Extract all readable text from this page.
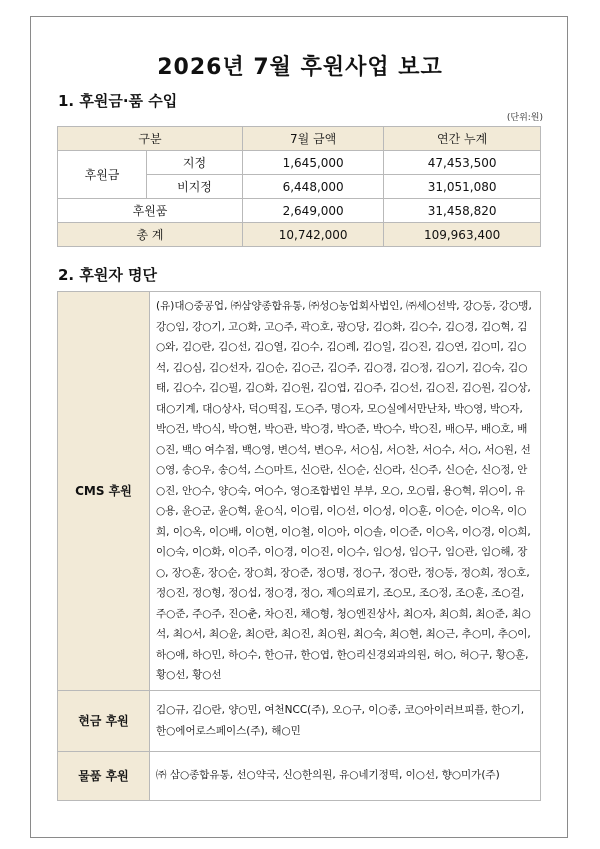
2026년 7월 후원사업 보고
1. 후원금·품 수입
(단위:원)
구분		7월 금액	연간 누계
후원금	지정	1,645,000	47,453,500
	비지정	6,448,000	31,051,080
후원품		2,649,000	31,458,820
총 계		10,742,000	109,963,400
2. 후원자 명단
CMS 후원	(유)대○중공업, ㈜삼양종합유통, ㈜성○농업회사법인, ㈜세○선박, 강○동, 강○맹, 강○임, 강○기, 고○화, 고○주, 곽○호, 광○당, 김○화, 김○수, 김○경, 김○혁, 김○와, 김○란, 김○선, 김○열, 김○수, 김○례, 김○일, 김○진, 김○연, 김○미, 김○석, 김○심, 김○선자, 김○순, 김○근, 김○주, 김○경, 김○정, 김○기, 김○숙, 김○태, 김○수, 김○필, 김○화, 김○원, 김○엽, 김○주, 김○선, 김○진, 김○원, 김○상, 대○기계, 대○상사, 덕○떡집, 도○주, 명○자, 모○실에서만난차, 박○영, 박○자, 박○건, 박○식, 박○현, 박○관, 박○경, 박○준, 박○수, 박○진, 배○무, 배○호, 배○진, 백○ 여수점, 백○영, 변○석, 변○우, 서○심, 서○찬, 서○수, 서○, 서○원, 선○영, 송○우, 송○석, 스○마트, 신○란, 신○순, 신○라, 신○주, 신○순, 신○정, 안○진, 안○수, 양○숙, 여○수, 영○조합법인 부부, 오○, 오○림, 용○혁, 위○이, 유○용, 윤○군, 윤○혁, 윤○식, 이○림, 이○선, 이○성, 이○훈, 이○순, 이○옥, 이○희, 이○옥, 이○배, 이○현, 이○철, 이○아, 이○솔, 이○준, 이○옥, 이○경, 이○희, 이○숙, 이○화, 이○주, 이○경, 이○진, 이○수, 임○성, 임○구, 임○관, 임○해, 장○, 장○훈, 장○순, 장○희, 장○준, 정○명, 정○구, 정○란, 정○동, 정○희, 정○호, 정○진, 정○형, 정○섭, 정○경, 정○, 제○의료기, 조○모, 조○정, 조○훈, 조○걸, 주○준, 주○주, 진○춘, 차○진, 채○형, 청○엔진상사, 최○자, 최○희, 최○준, 최○석, 최○서, 최○윤, 최○란, 최○진, 최○원, 최○숙, 최○현, 최○근, 추○미, 추○이, 하○애, 하○민, 하○수, 한○규, 한○엽, 한○리신경외과의원, 허○, 허○구, 황○훈, 황○선, 황○선
현금 후원	김○규, 김○란, 양○민, 여천NCC(주), 오○구, 이○종, 코○아이러브피플, 한○기, 한○에어로스페이스(주), 해○민
물품 후원	㈜ 삼○종합유통, 선○약국, 신○한의원, 유○네기정떡, 이○선, 향○미가(주)
